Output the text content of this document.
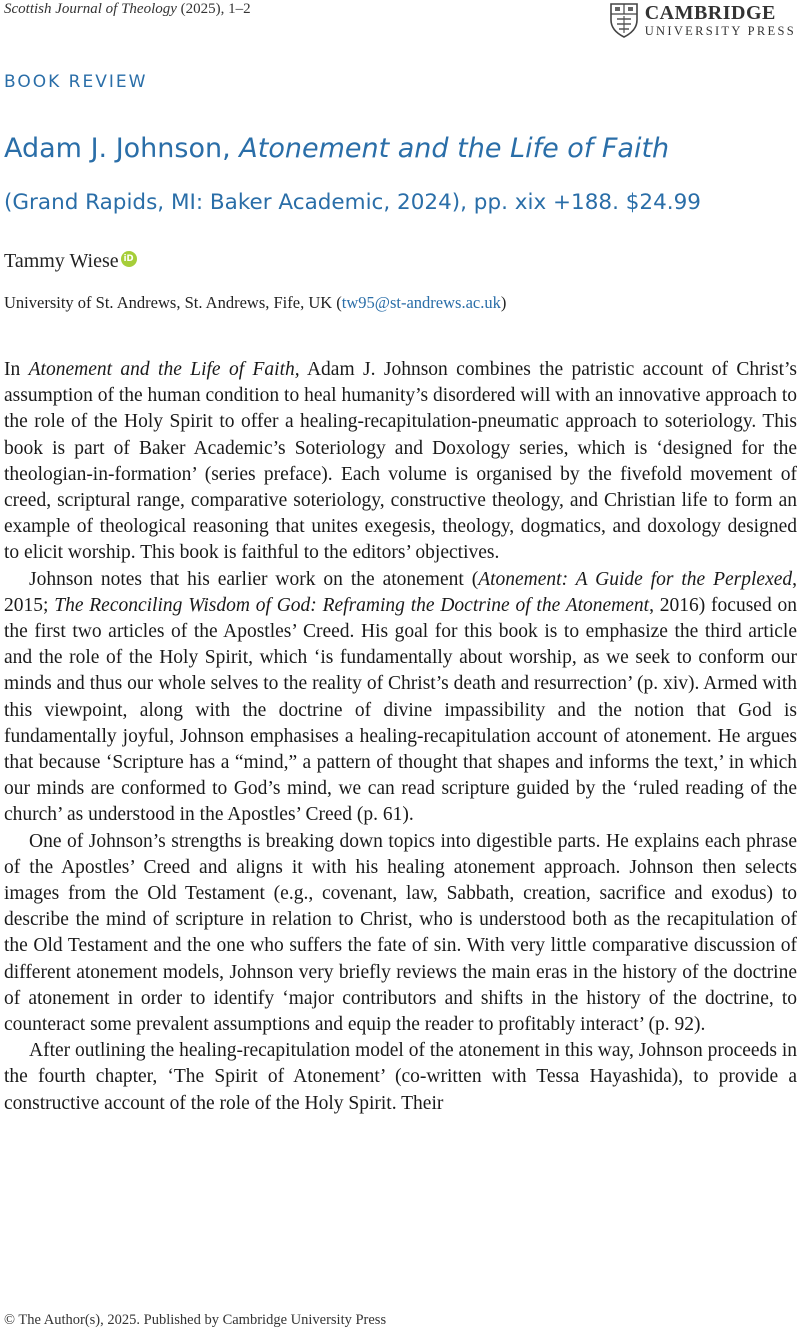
Scottish Journal of Theology (2025), 1–2	CAMBRIDGE
UNIVERSITY PRESS
BOOK REVIEW
Adam J. Johnson, Atonement and the Life of Faith
(Grand Rapids, MI: Baker Academic, 2024), pp. xix +188. $24.99
Tammy Wiese iD
University of St. Andrews, St. Andrews, Fife, UK (tw95@st-andrews.ac.uk)

In Atonement and the Life of Faith, Adam J. Johnson combines the patristic account of Christ’s assumption of the human condition to heal humanity’s disordered will with an innovative approach to the role of the Holy Spirit to offer a healing-recapitulation-pneumatic approach to soteriology. This book is part of Baker Academic’s Soteriology and Doxology series, which is ‘designed for the theologian-in-formation’ (series preface). Each volume is organised by the fivefold movement of creed, scriptural range, comparative soteriology, constructive theology, and Christian life to form an example of theological reasoning that unites exegesis, theology, dogmatics, and doxology designed to elicit worship. This book is faithful to the editors’ objectives.

Johnson notes that his earlier work on the atonement (Atonement: A Guide for the Perplexed, 2015; The Reconciling Wisdom of God: Reframing the Doctrine of the Atonement, 2016) focused on the first two articles of the Apostles’ Creed. His goal for this book is to emphasize the third article and the role of the Holy Spirit, which ‘is fundamentally about worship, as we seek to conform our minds and thus our whole selves to the reality of Christ’s death and resurrection’ (p. xiv). Armed with this viewpoint, along with the doctrine of divine impassibility and the notion that God is fundamentally joyful, Johnson emphasises a healing-recapitulation account of atonement. He argues that because ‘Scripture has a “mind,” a pattern of thought that shapes and informs the text,’ in which our minds are conformed to God’s mind, we can read scripture guided by the ‘ruled reading of the church’ as understood in the Apostles’ Creed (p. 61).

One of Johnson’s strengths is breaking down topics into digestible parts. He explains each phrase of the Apostles’ Creed and aligns it with his healing atonement approach. Johnson then selects images from the Old Testament (e.g., covenant, law, Sabbath, creation, sacrifice and exodus) to describe the mind of scripture in relation to Christ, who is understood both as the recapitulation of the Old Testament and the one who suffers the fate of sin. With very little comparative discussion of different atonement models, Johnson very briefly reviews the main eras in the history of the doctrine of atonement in order to identify ‘major contributors and shifts in the history of the doctrine, to counteract some prevalent assumptions and equip the reader to profitably interact’ (p. 92).

After outlining the healing-recapitulation model of the atonement in this way, Johnson proceeds in the fourth chapter, ‘The Spirit of Atonement’ (co-written with Tessa Hayashida), to provide a constructive account of the role of the Holy Spirit. Their

© The Author(s), 2025. Published by Cambridge University Press
